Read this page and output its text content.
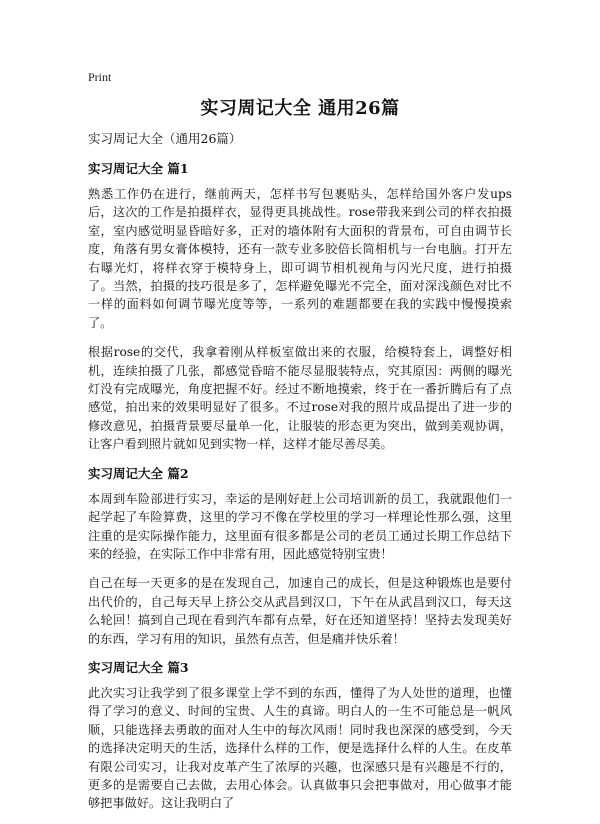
Print
实习周记大全 通用26篇
实习周记大全（通用26篇）
实习周记大全 篇1

熟悉工作仍在进行，继前两天，怎样书写包裹贴头，怎样给国外客户发ups后，这次的工作是拍摄样衣，显得更具挑战性。rose带我来到公司的样衣拍摄室，室内感觉明显昏暗好多，正对的墙体附有大面积的背景布，可自由调节长度，角落有男女膏体模特，还有一款专业多胶倍长筒相机与一台电脑。打开左右曝光灯，将样衣穿于模特身上，即可调节相机视角与闪光尺度，进行拍摄了。当然，拍摄的技巧很是多了，怎样避免曝光不完全，面对深浅颜色对比不一样的面料如何调节曝光度等等，一系列的难题都要在我的实践中慢慢摸索了。

根据rose的交代，我拿着刚从样板室做出来的衣服，给模特套上，调整好相机，连续拍摄了几张，都感觉昏暗不能尽显服装特点，究其原因：两侧的曝光灯没有完成曝光，角度把握不好。经过不断地摸索，终于在一番折腾后有了点感觉，拍出来的效果明显好了很多。不过rose对我的照片成品提出了进一步的修改意见，拍摄背景要尽量单一化，让服装的形态更为突出，做到美观协调，让客户看到照片就如见到实物一样，这样才能尽善尽美。

实习周记大全 篇2

本周到车险部进行实习，幸运的是刚好赶上公司培训新的员工，我就跟他们一起学起了车险算费，这里的学习不像在学校里的学习一样理论性那么强，这里注重的是实际操作能力，这里面有很多都是公司的老员工通过长期工作总结下来的经验，在实际工作中非常有用，因此感觉特别宝贵！

自己在每一天更多的是在发现自己，加速自己的成长，但是这种锻炼也是要付出代价的，自己每天早上挤公交从武昌到汉口，下午在从武昌到汉口，每天这么轮回！搞到自己现在看到汽车都有点晕，好在还知道坚持！坚持去发现美好的东西，学习有用的知识，虽然有点苦，但是痛并快乐着！

实习周记大全 篇3

此次实习让我学到了很多课堂上学不到的东西，懂得了为人处世的道理，也懂得了学习的意义、时间的宝贵、人生的真谛。明白人的一生不可能总是一帆风顺，只能选择去勇敢的面对人生中的每次风雨！同时我也深深的感受到，今天的选择决定明天的生活，选择什么样的工作，便是选择什么样的人生。在皮革有限公司实习，让我对皮革产生了浓厚的兴趣，也深感只是有兴趣是不行的，更多的是需要自己去做，去用心体会。认真做事只会把事做对，用心做事才能够把事做好。这让我明白了
